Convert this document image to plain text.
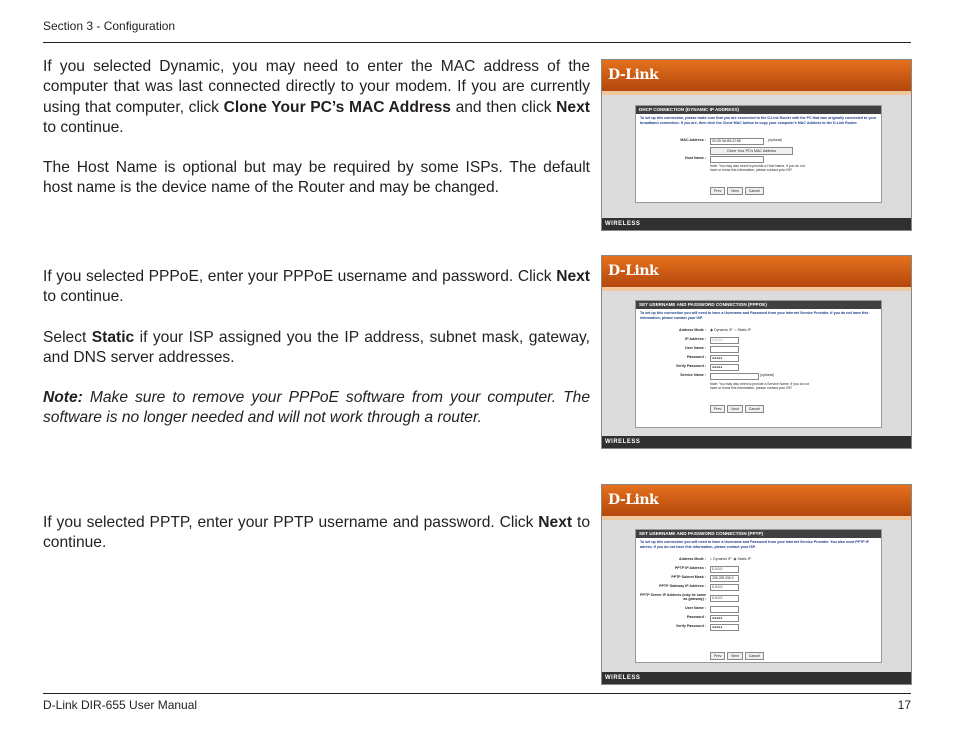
Section 3 - Configuration
If you selected Dynamic, you may need to enter the MAC address of the computer that was last connected directly to your modem. If you are currently using that computer, click Clone Your PC’s MAC Address and then click Next to continue.
The Host Name is optional but may be required by some ISPs. The default host name is the device name of the Router and may be changed.
If you selected PPPoE, enter your PPPoE username and password. Click Next to continue.
Select Static if your ISP assigned you the IP address, subnet mask, gateway, and DNS server addresses.
Note: Make sure to remove your PPPoE software from your computer. The software is no longer needed and will not work through a router.
If you selected PPTP, enter your PPTP username and password. Click Next to continue.
D-Link
DHCP CONNECTION (DYNAMIC IP ADDRESS)
To set up this connection, please make sure that you are connected to the D-Link Router with the PC that was originally connected to your broadband connection. If you are, then click the Clone MAC button to copy your computer's MAC Address to the D-Link Router.
MAC Address :	00:0D:9A:B5:22:88	(optional)
Clone Your PC's MAC Address
Host Name :
Note: You may also need to provide a Host Name. If you do not have or know this information, please contact your ISP.
Prev	Next	Cancel
WIRELESS
D-Link
SET USERNAME AND PASSWORD CONNECTION (PPPOE)
To set up this connection you will need to have a Username and Password from your Internet Service Provider. If you do not have this information, please contact your ISP.
Address Mode : ◉ Dynamic IP  ○ Static IP
IP Address :	0.0.0.0
User Name :
Password :	●●●●●
Verify Password :	●●●●●
Service Name :	(optional)
Note: You may also need to provide a Service Name. If you do not have or know this information, please contact your ISP.
Prev	Next	Cancel
WIRELESS
D-Link
SET USERNAME AND PASSWORD CONNECTION (PPTP)
To set up this connection you will need to have a Username and Password from your Internet Service Provider. You also need PPTP IP adress. If you do not have this information, please contact your ISP.
Address Mode : ○ Dynamic IP  ◉ Static IP
PPTP IP Address :	0.0.0.0
PPTP Subnet Mask :	255.255.255.0
PPTP Gateway IP Address :	0.0.0.0
PPTP Server IP Address (may be same as gateway) :	0.0.0.0
User Name :
Password :	●●●●●
Verify Password :	●●●●●
Prev	Next	Cancel
WIRELESS
D-Link DIR-655 User Manual	17
